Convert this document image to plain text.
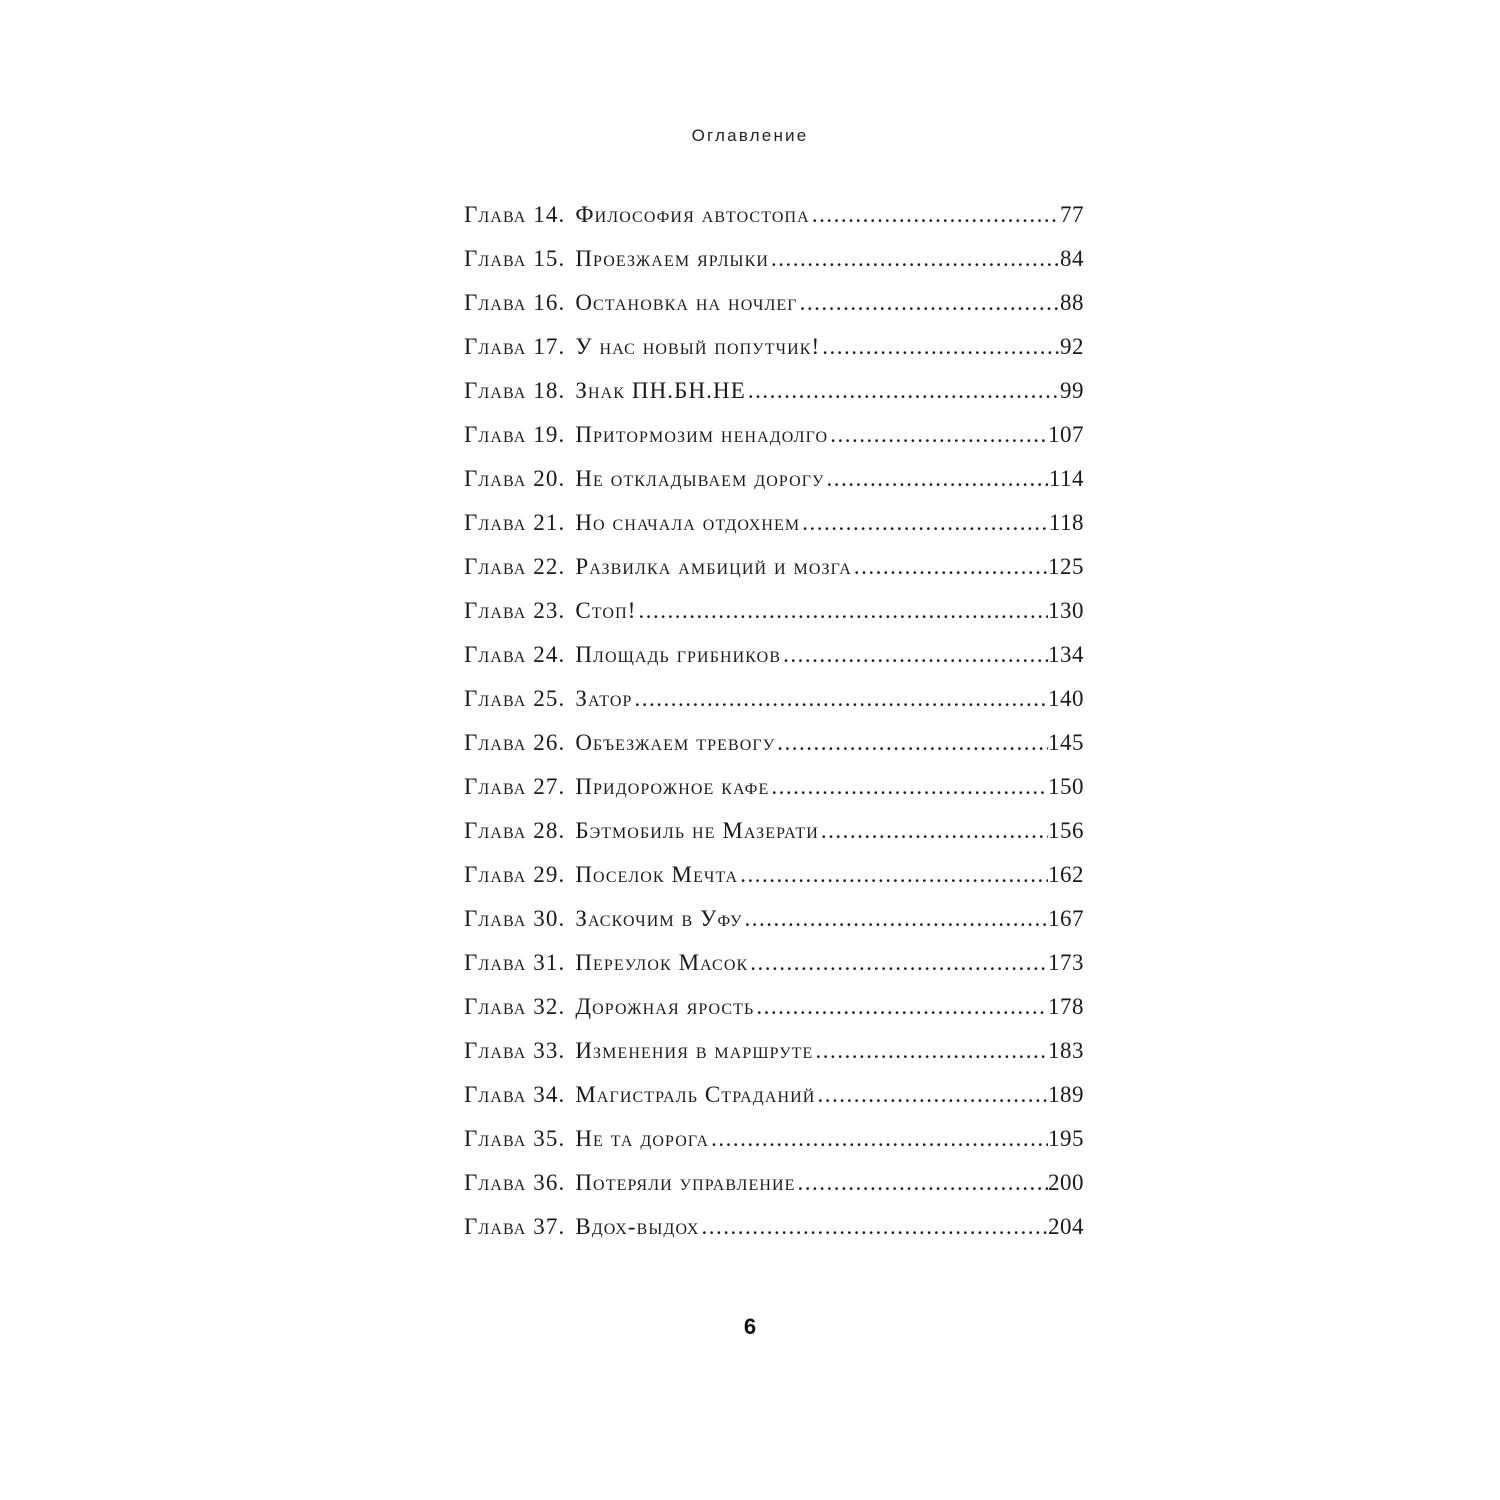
Оглавление
Глава 14. Философия автостопа .....	77
Глава 15. Проезжаем ярлыки .....	84
Глава 16. Остановка на ночлег .....	88
Глава 17. У нас новый попутчик! .....	92
Глава 18. Знак ПН.БН.НЕ .....	99
Глава 19. Притормозим ненадолго .....	107
Глава 20. Не откладываем дорогу .....	114
Глава 21. Но сначала отдохнем .....	118
Глава 22. Развилка амбиций и мозга .....	125
Глава 23. Стоп! .....	130
Глава 24. Площадь грибников .....	134
Глава 25. Затор .....	140
Глава 26. Объезжаем тревогу .....	145
Глава 27. Придорожное кафе .....	150
Глава 28. Бэтмобиль не Мазерати .....	156
Глава 29. Поселок Мечта .....	162
Глава 30. Заскочим в Уфу .....	167
Глава 31. Переулок Масок .....	173
Глава 32. Дорожная ярость .....	178
Глава 33. Изменения в маршруте .....	183
Глава 34. Магистраль Страданий .....	189
Глава 35. Не та дорога .....	195
Глава 36. Потеряли управление .....	200
Глава 37. Вдох-выдох .....	204
6
